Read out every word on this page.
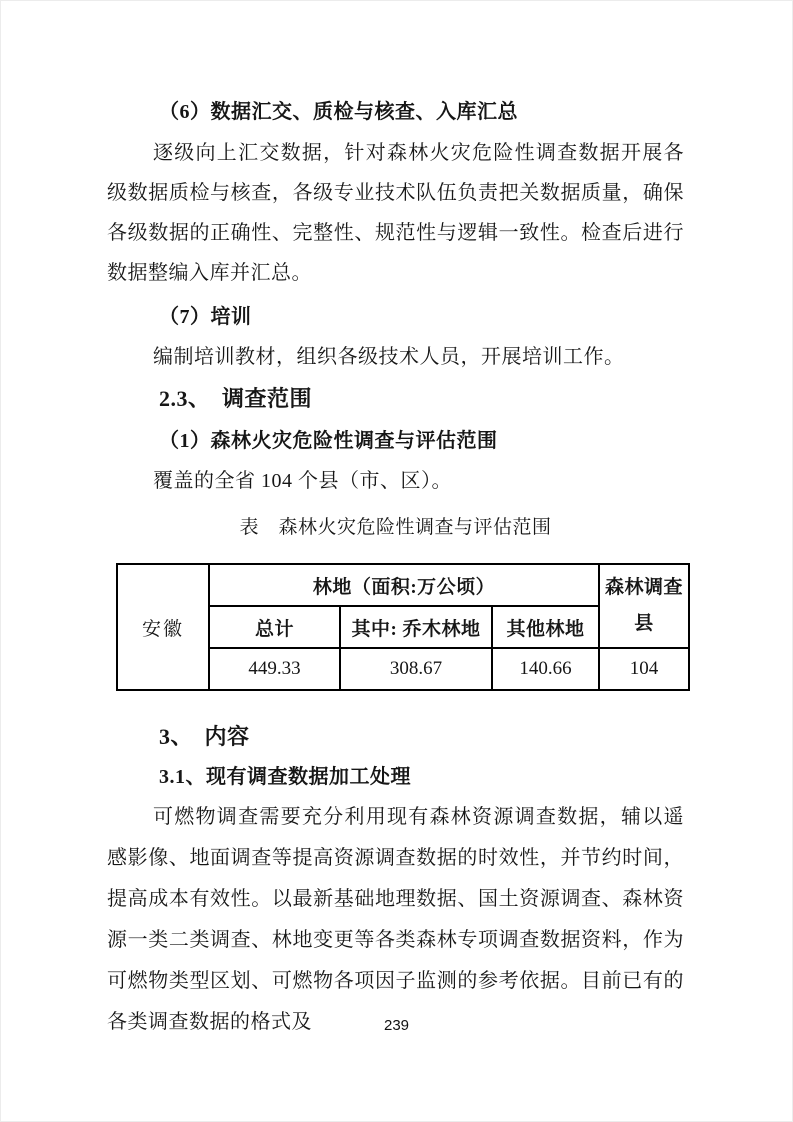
（6）数据汇交、质检与核查、入库汇总

逐级向上汇交数据，针对森林火灾危险性调查数据开展各级数据质检与核查，各级专业技术队伍负责把关数据质量，确保各级数据的正确性、完整性、规范性与逻辑一致性。检查后进行数据整编入库并汇总。

（7）培训

编制培训教材，组织各级技术人员，开展培训工作。

2.3、　调查范围
（1）森林火灾危险性调查与评估范围

覆盖的全省 104 个县（市、区）。

表　森林火灾危险性调查与评估范围
安徽	林地（面积:万公顷）			森林调查县
	总计	其中: 乔木林地	其他林地	
	449.33	308.67	140.66	104
3、　内容
3.1、现有调查数据加工处理

可燃物调查需要充分利用现有森林资源调查数据，辅以遥感影像、地面调查等提高资源调查数据的时效性，并节约时间，提高成本有效性。以最新基础地理数据、国土资源调查、森林资源一类二类调查、林地变更等各类森林专项调查数据资料，作为可燃物类型区划、可燃物各项因子监测的参考依据。目前已有的各类调查数据的格式及	239
